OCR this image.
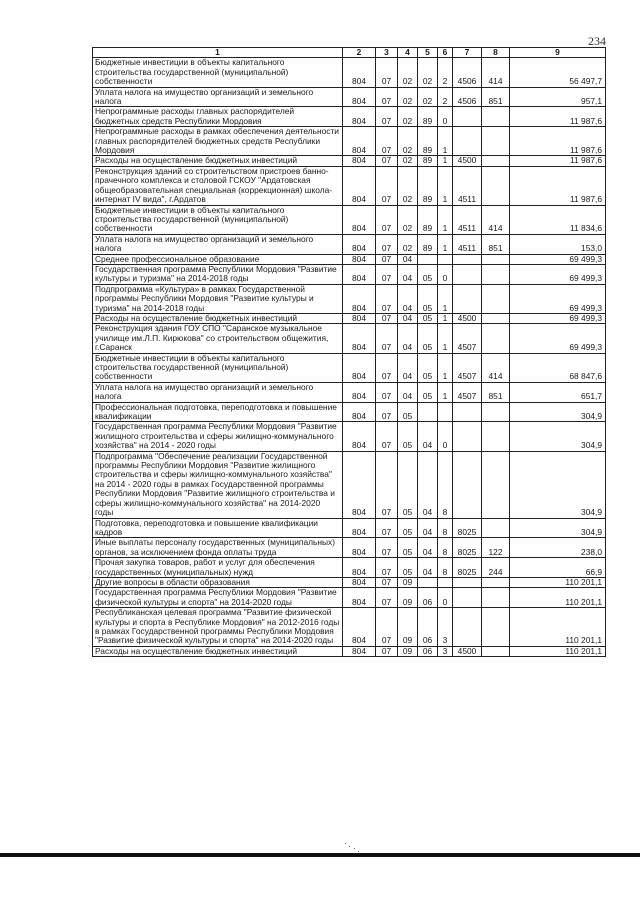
234
1	2	3	4	5	6	7	8	9

Бюджетные инвестиции в объекты капитального строительства государственной (муниципальной) собственности	804	07	02	02	2	4506	414	56 497,7

Уплата налога на имущество организаций и земельного налога	804	07	02	02	2	4506	851	957,1

Непрограммные расходы главных распорядителей бюджетных средств Республики Мордовия	804	07	02	89	0			11 987,6

Непрограммные расходы в рамках обеспечения деятельности главных распорядителей бюджетных средств Республики Мордовия	804	07	02	89	1			11 987,6

Расходы на осуществление бюджетных инвестиций	804	07	02	89	1	4500		11 987,6

Реконструкция зданий со строительством пристроев банно-прачечного комплекса и столовой ГСКОУ "Ардатовская общеобразовательная специальная (коррекционная) школа-интернат IV вида", г.Ардатов	804	07	02	89	1	4511		11 987,6

Бюджетные инвестиции в объекты капитального строительства государственной (муниципальной) собственности	804	07	02	89	1	4511	414	11 834,6

Уплата налога на имущество организаций и земельного налога	804	07	02	89	1	4511	851	153,0

Среднее профессиональное образование	804	07	04					69 499,3

Государственная программа Республики Мордовия "Развитие культуры и туризма" на 2014-2018 годы	804	07	04	05	0			69 499,3

Подпрограмма «Культура» в рамках Государственной программы Республики Мордовия "Развитие культуры и туризма" на 2014-2018 годы	804	07	04	05	1			69 499,3

Расходы на осуществление бюджетных инвестиций	804	07	04	05	1	4500		69 499,3

Реконструкция здания ГОУ СПО "Саранское музыкальное училище им.Л.П. Кирюкова" со строительством общежития, г.Саранск	804	07	04	05	1	4507		69 499,3

Бюджетные инвестиции в объекты капитального строительства государственной (муниципальной) собственности	804	07	04	05	1	4507	414	68 847,6

Уплата налога на имущество организаций и земельного налога	804	07	04	05	1	4507	851	651,7

Профессиональная подготовка, переподготовка и повышение квалификации	804	07	05					304,9

Государственная программа Республики Мордовия "Развитие жилищного строительства и сферы жилищно-коммунального хозяйства" на 2014 - 2020 годы	804	07	05	04	0			304,9

Подпрограмма "Обеспечение реализации Государственной программы Республики Мордовия "Развитие жилищного строительства и сферы жилищно-коммунального хозяйства" на 2014 - 2020 годы в рамках Государственной программы Республики Мордовия "Развитие жилищного строительства и сферы жилищно-коммунального хозяйства" на 2014-2020 годы	804	07	05	04	8			304,9

Подготовка, переподготовка и повышение квалификации кадров	804	07	05	04	8	8025		304,9

Иные выплаты персоналу государственных (муниципальных) органов, за исключением фонда оплаты труда	804	07	05	04	8	8025	122	238,0

Прочая закупка товаров, работ и услуг для обеспечения государственных (муниципальных) нужд	804	07	05	04	8	8025	244	66,9

Другие вопросы в области образования	804	07	09					110 201,1

Государственная программа Республики Мордовия "Развитие физической культуры и спорта" на 2014-2020 годы	804	07	09	06	0			110 201,1

Республиканская целевая программа "Развитие физической культуры и спорта в Республике Мордовия" на 2012-2016 годы в рамках Государственной программы Республики Мордовия "Развитие физической культуры и спорта" на 2014-2020 годы	804	07	09	06	3			110 201,1

Расходы на осуществление бюджетных инвестиций	804	07	09	06	3	4500		110 201,1
